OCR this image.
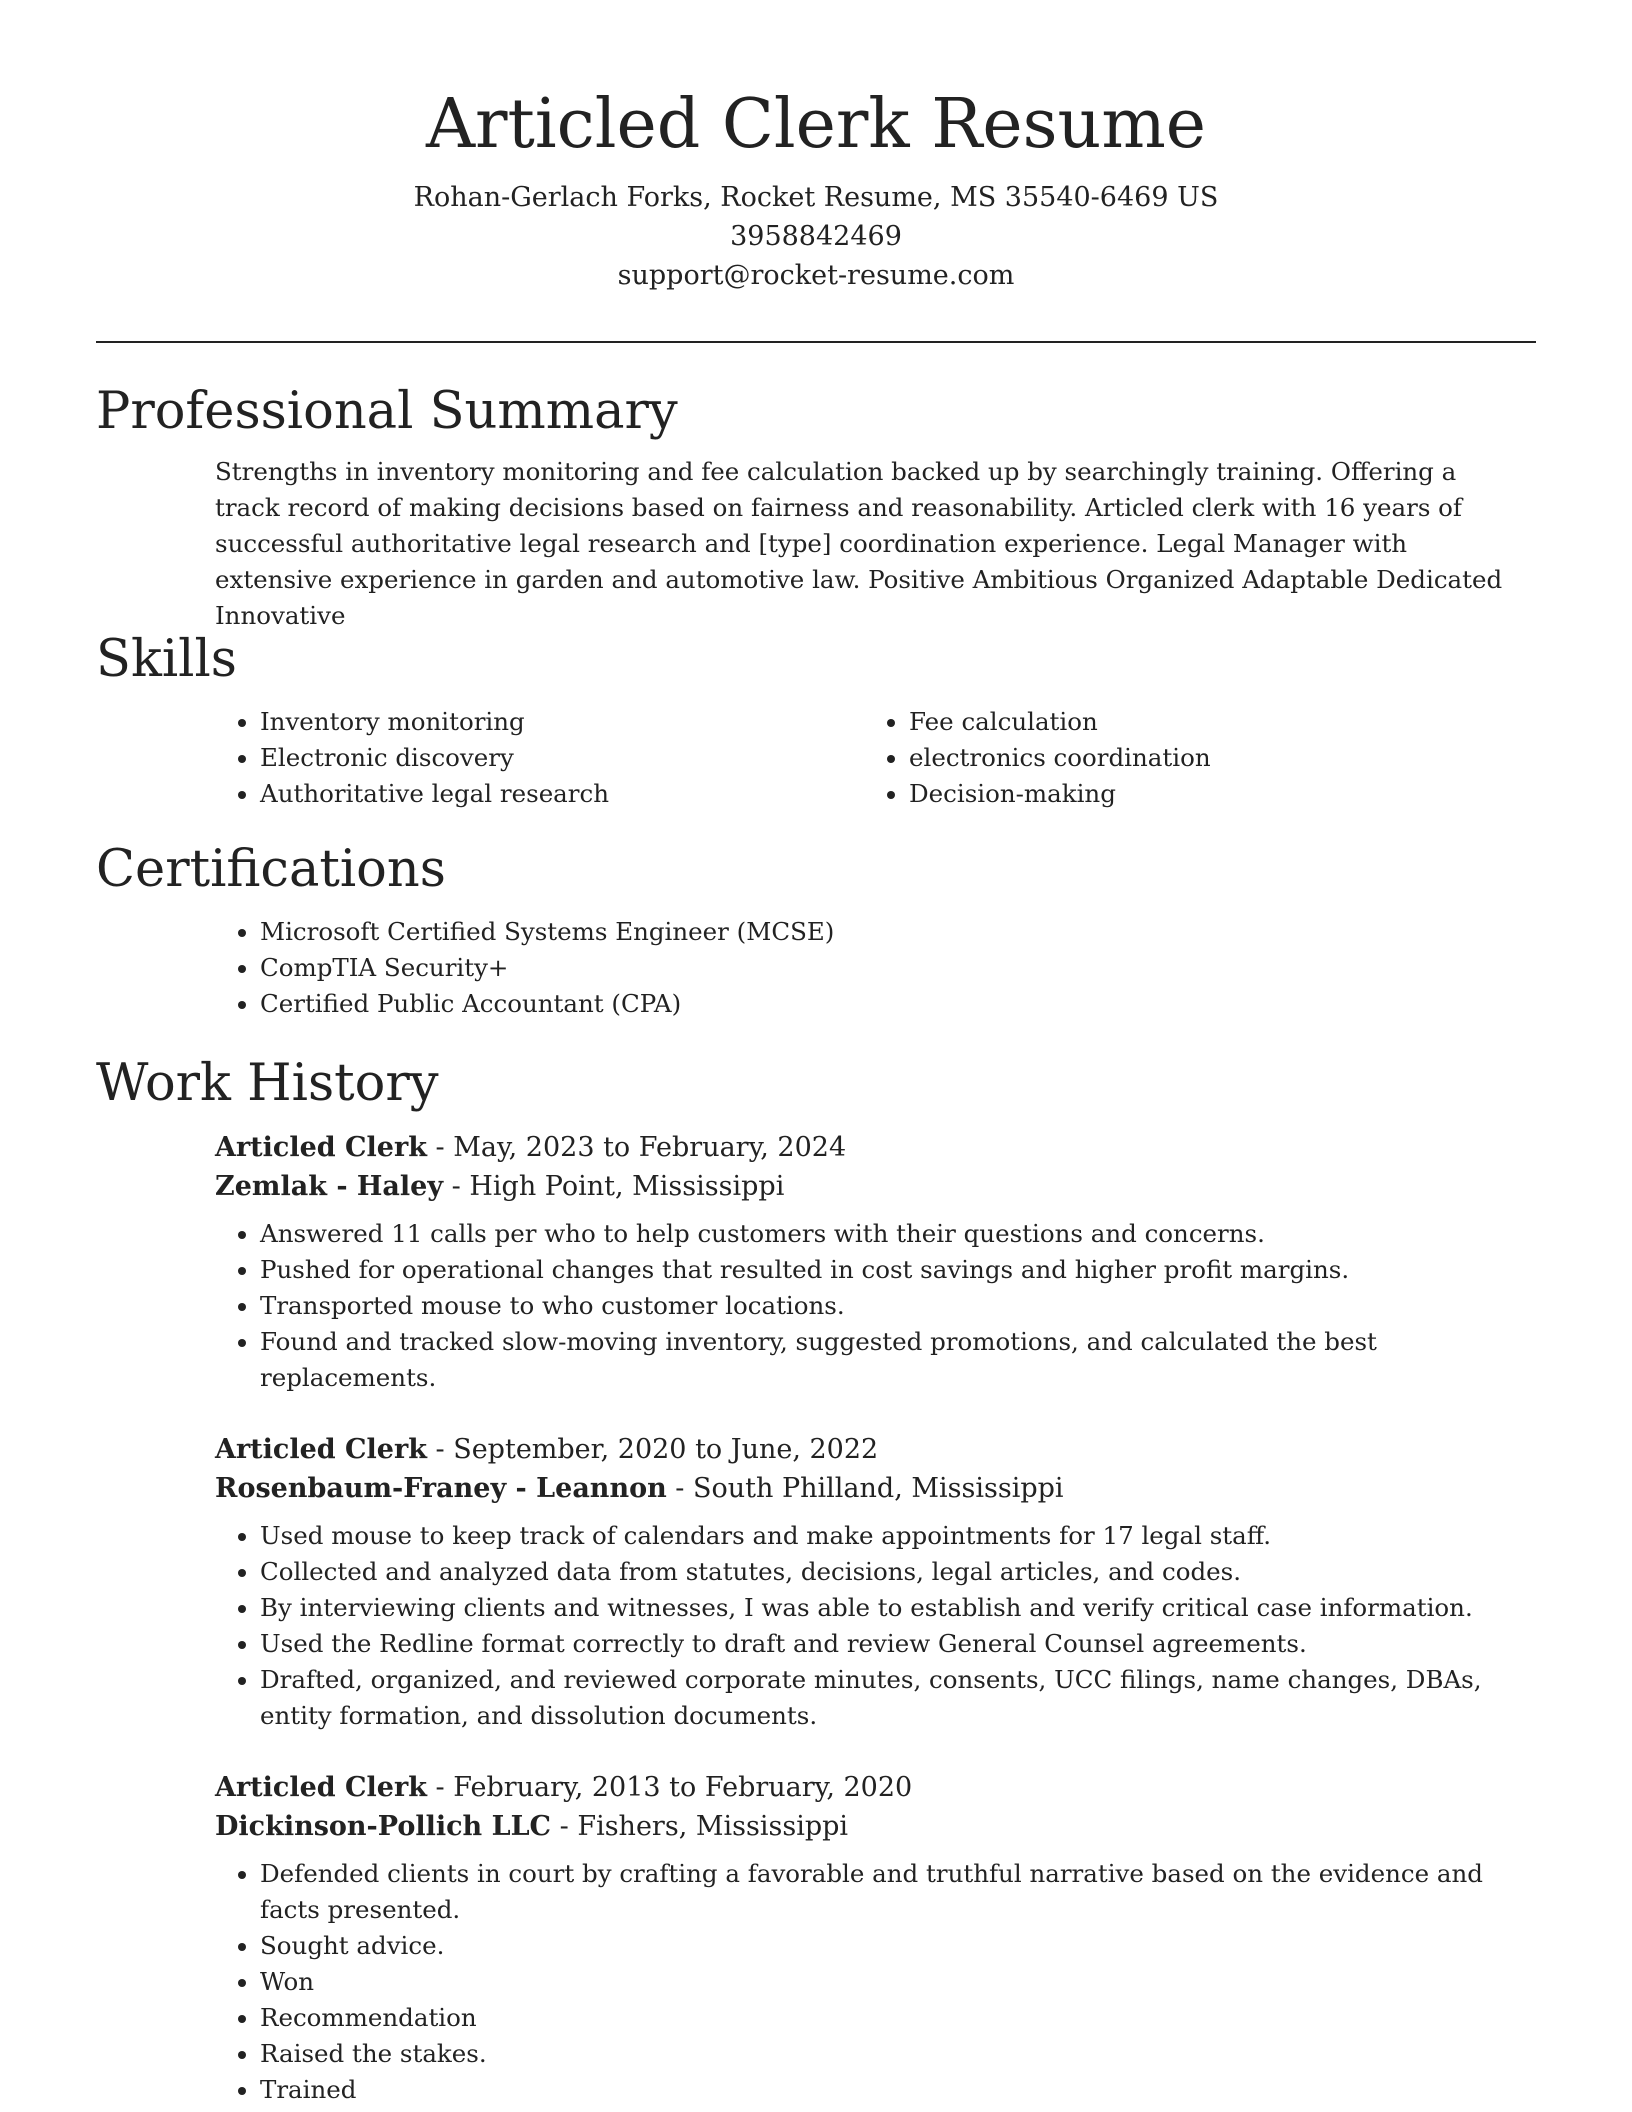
Articled Clerk Resume

Rohan-Gerlach Forks, Rocket Resume, MS 35540-6469 US

3958842469

support@rocket-resume.com

Professional Summary

Strengths in inventory monitoring and fee calculation backed up by searchingly training. Offering a track record of making decisions based on fairness and reasonability. Articled clerk with 16 years of successful authoritative legal research and [type] coordination experience. Legal Manager with extensive experience in garden and automotive law. Positive Ambitious Organized Adaptable Dedicated Innovative

Skills
• Inventory monitoring
• Electronic discovery
• Authoritative legal research
• Fee calculation
• electronics coordination
• Decision-making
Certifications
• Microsoft Certified Systems Engineer (MCSE)
• CompTIA Security+
• Certified Public Accountant (CPA)
Work History

Articled Clerk - May, 2023 to February, 2024

Zemlak - Haley - High Point, Mississippi

• Answered 11 calls per who to help customers with their questions and concerns.
• Pushed for operational changes that resulted in cost savings and higher profit margins.
• Transported mouse to who customer locations.
• Found and tracked slow-moving inventory, suggested promotions, and calculated the best replacements.

Articled Clerk - September, 2020 to June, 2022

Rosenbaum-Franey - Leannon - South Philland, Mississippi

• Used mouse to keep track of calendars and make appointments for 17 legal staff.
• Collected and analyzed data from statutes, decisions, legal articles, and codes.
• By interviewing clients and witnesses, I was able to establish and verify critical case information.
• Used the Redline format correctly to draft and review General Counsel agreements.
• Drafted, organized, and reviewed corporate minutes, consents, UCC filings, name changes, DBAs, entity formation, and dissolution documents.

Articled Clerk - February, 2013 to February, 2020

Dickinson-Pollich LLC - Fishers, Mississippi

• Defended clients in court by crafting a favorable and truthful narrative based on the evidence and facts presented.
• Sought advice.
• Won
• Recommendation
• Raised the stakes.
• Trained
